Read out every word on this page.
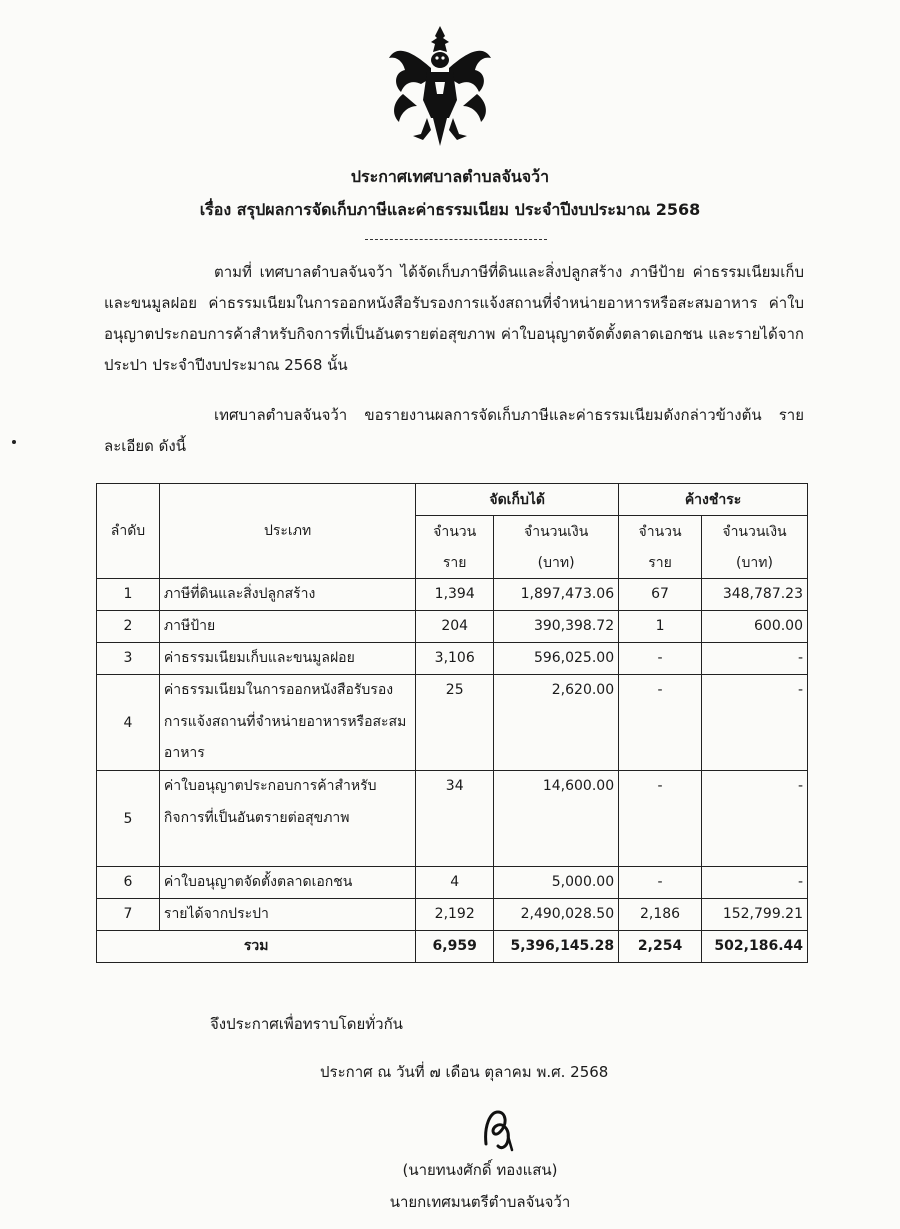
ประกาศเทศบาลตำบลจันจว้า
เรื่อง สรุปผลการจัดเก็บภาษีและค่าธรรมเนียม ประจำปีงบประมาณ 2568

ตามที่ เทศบาลตำบลจันจว้า ได้จัดเก็บภาษีที่ดินและสิ่งปลูกสร้าง ภาษีป้าย ค่าธรรมเนียมเก็บและขนมูลฝอย ค่าธรรมเนียมในการออกหนังสือรับรองการแจ้งสถานที่จำหน่ายอาหารหรือสะสมอาหาร ค่าใบอนุญาตประกอบการค้าสำหรับกิจการที่เป็นอันตรายต่อสุขภาพ ค่าใบอนุญาตจัดตั้งตลาดเอกชน และรายได้จากประปา ประจำปีงบประมาณ 2568 นั้น

เทศบาลตำบลจันจว้า ขอรายงานผลการจัดเก็บภาษีและค่าธรรมเนียมดังกล่าวข้างต้น รายละเอียด ดังนี้

ลำดับ	ประเภท	จัดเก็บได้		ค้างชำระ	
		จำนวน	จำนวนเงิน	จำนวน	จำนวนเงิน
		ราย	(บาท)	ราย	(บาท)
1	ภาษีที่ดินและสิ่งปลูกสร้าง	1,394	1,897,473.06	67	348,787.23
2	ภาษีป้าย	204	390,398.72	1	600.00
3	ค่าธรรมเนียมเก็บและขนมูลฝอย	3,106	596,025.00	-	-
4	ค่าธรรมเนียมในการออกหนังสือรับรองการแจ้งสถานที่จำหน่ายอาหารหรือสะสมอาหาร	25	2,620.00	-	-
5	ค่าใบอนุญาตประกอบการค้าสำหรับ กิจการที่เป็นอันตรายต่อสุขภาพ	34	14,600.00	-	-
6	ค่าใบอนุญาตจัดตั้งตลาดเอกชน	4	5,000.00	-	-
7	รายได้จากประปา	2,192	2,490,028.50	2,186	152,799.21
รวม		6,959	5,396,145.28	2,254	502,186.44
จึงประกาศเพื่อทราบโดยทั่วกัน
ประกาศ ณ วันที่ ๗ เดือน ตุลาคม พ.ศ. 2568
(นายทนงศักดิ์ ทองแสน)
นายกเทศมนตรีตำบลจันจว้า
